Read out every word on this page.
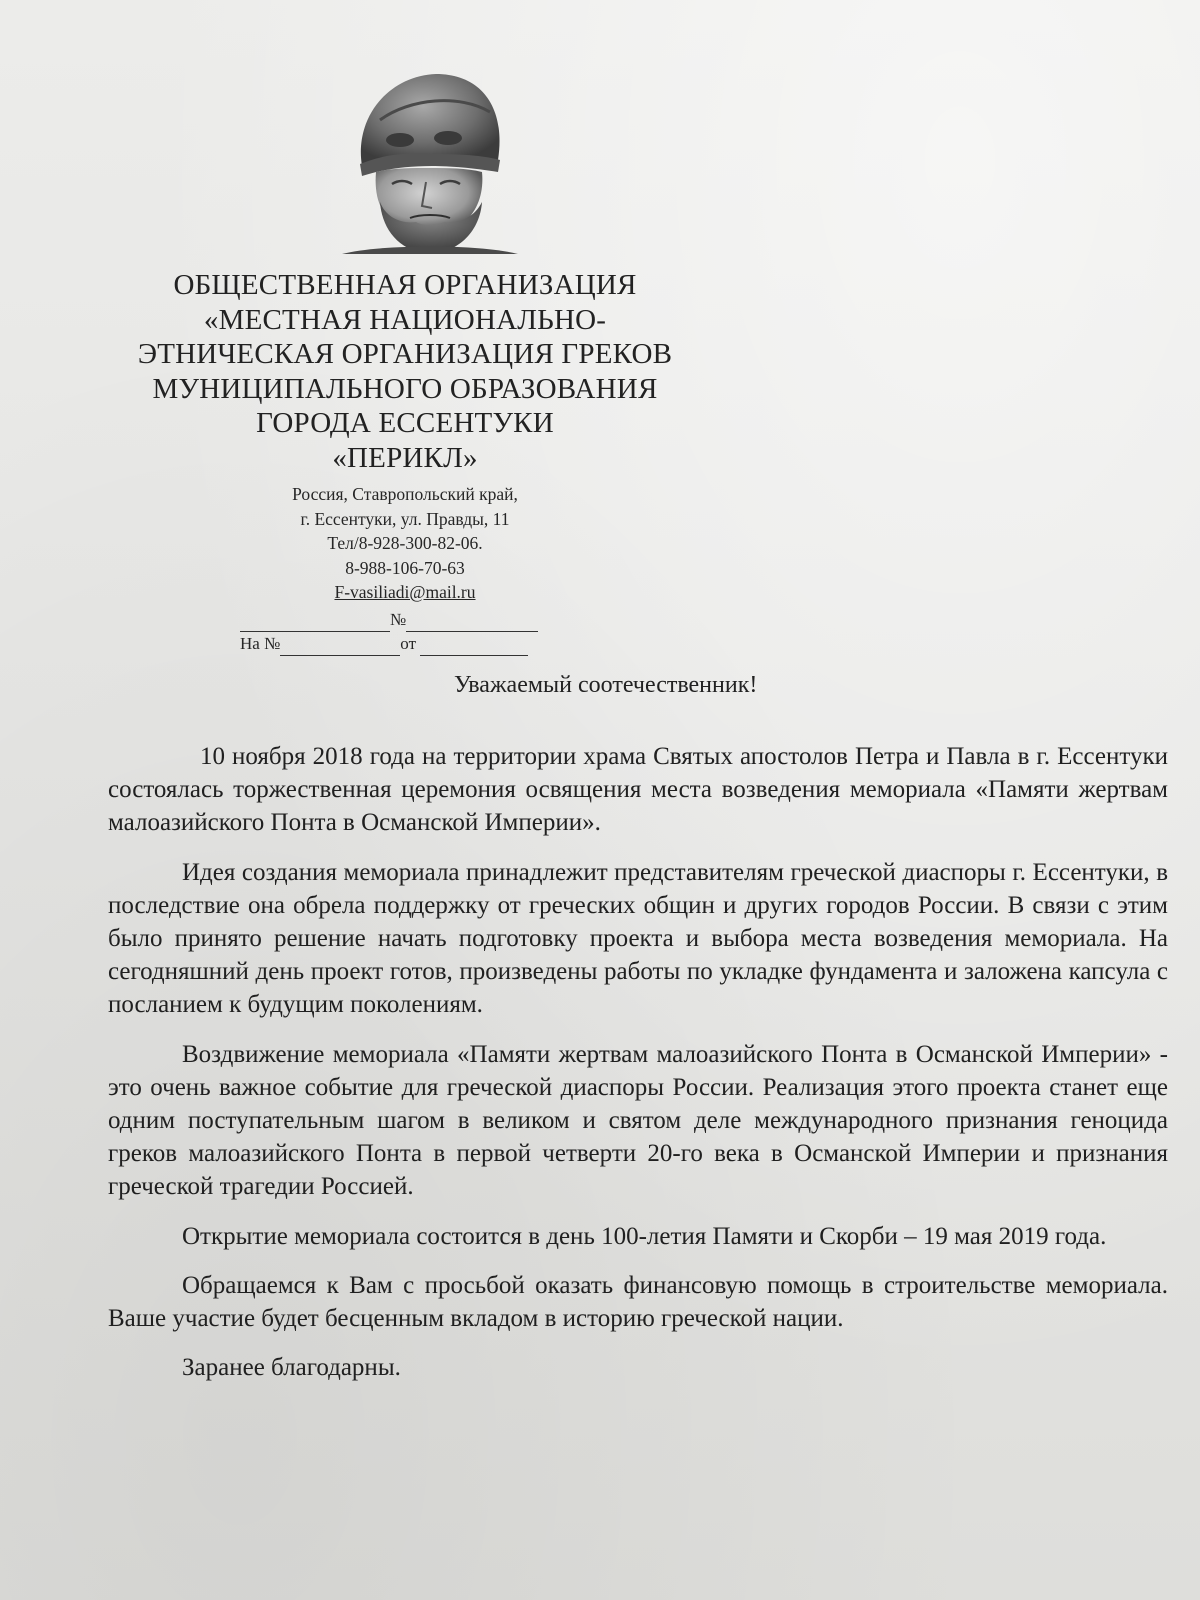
ОБЩЕСТВЕННАЯ ОРГАНИЗАЦИЯ
«МЕСТНАЯ НАЦИОНАЛЬНО-
ЭТНИЧЕСКАЯ ОРГАНИЗАЦИЯ ГРЕКОВ
МУНИЦИПАЛЬНОГО ОБРАЗОВАНИЯ
ГОРОДА ЕССЕНТУКИ
«ПЕРИКЛ»
Россия, Ставропольский край,
г. Ессентуки, ул. Правды, 11
Тел/8-928-300-82-06.
8-988-106-70-63
F-vasiliadi@mail.ru
№
На №	от
Уважаемый соотечественник!

10 ноября 2018 года на территории храма Святых апостолов Петра и Павла в г. Ессентуки состоялась торжественная церемония освящения места возведения мемориала «Памяти жертвам малоазийского Понта в Османской Империи».

Идея создания мемориала принадлежит представителям греческой диаспоры г. Ессентуки, в последствие она обрела поддержку от греческих общин и других городов России. В связи с этим было принято решение начать подготовку проекта и выбора места возведения мемориала. На сегодняшний день проект готов, произведены работы по укладке фундамента и заложена капсула с посланием к будущим поколениям.

Воздвижение мемориала «Памяти жертвам малоазийского Понта в Османской Империи» - это очень важное событие для греческой диаспоры России. Реализация этого проекта станет еще одним поступательным шагом в великом и святом деле международного признания геноцида греков малоазийского Понта в первой четверти 20-го века в Османской Империи и признания греческой трагедии Россией.

Открытие мемориала состоится в день 100-летия Памяти и Скорби – 19 мая 2019 года.

Обращаемся к Вам с просьбой оказать финансовую помощь в строительстве мемориала. Ваше участие будет бесценным вкладом в историю греческой нации.

Заранее благодарны.
